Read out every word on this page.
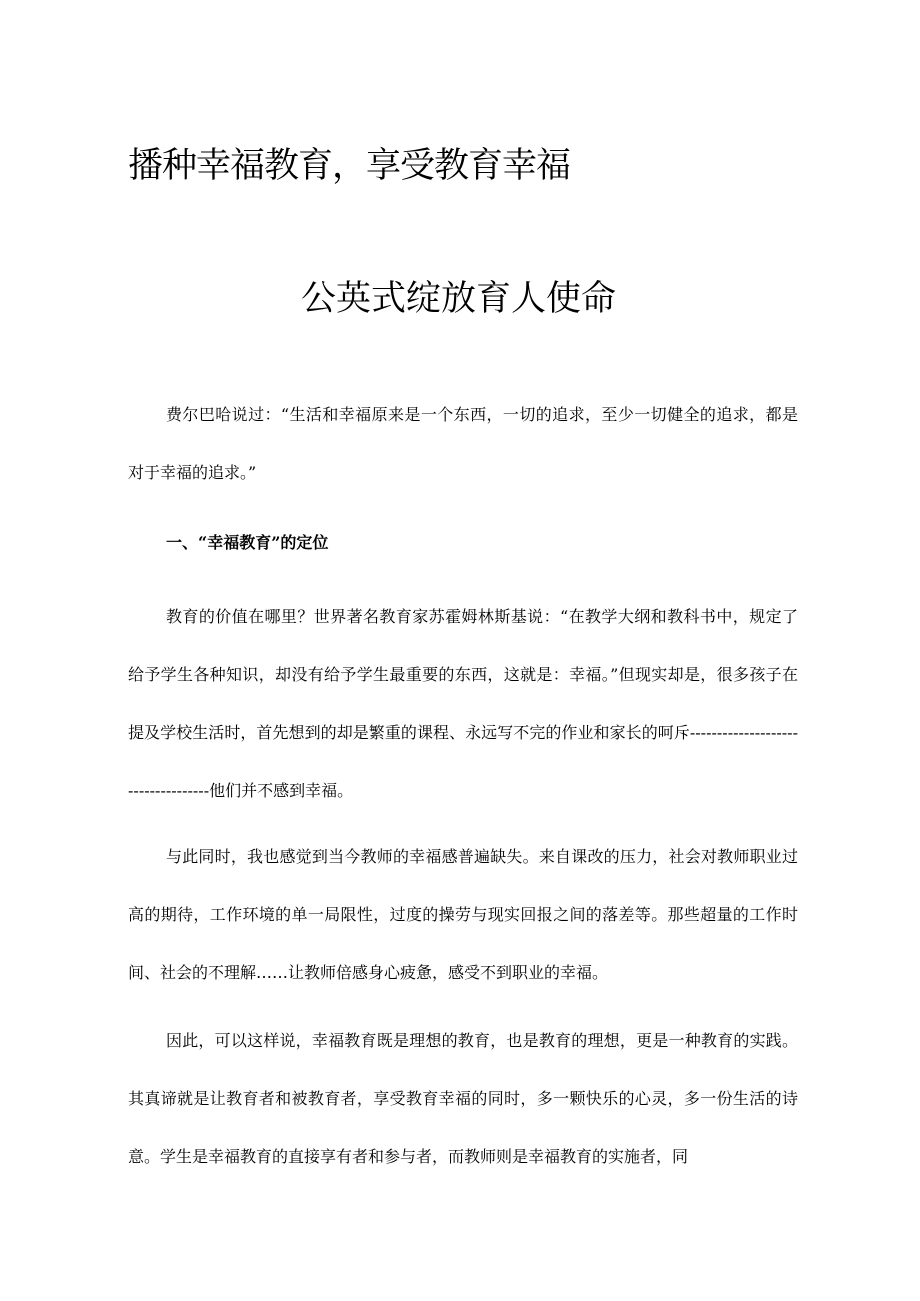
播种幸福教育，享受教育幸福
公英式绽放育人使命

费尔巴哈说过：“生活和幸福原来是一个东西，一切的追求，至少一切健全的追求，都是对于幸福的追求。”

一、“幸福教育”的定位

教育的价值在哪里？世界著名教育家苏霍姆林斯基说：“在教学大纲和教科书中，规定了给予学生各种知识，却没有给予学生最重要的东西，这就是：幸福。”但现实却是，很多孩子在提及学校生活时，首先想到的却是繁重的课程、永远写不完的作业和家长的呵斥-----------------------------------他们并不感到幸福。

与此同时，我也感觉到当今教师的幸福感普遍缺失。来自课改的压力，社会对教师职业过高的期待，工作环境的单一局限性，过度的操劳与现实回报之间的落差等。那些超量的工作时间、社会的不理解……让教师倍感身心疲惫，感受不到职业的幸福。

因此，可以这样说，幸福教育既是理想的教育，也是教育的理想，更是一种教育的实践。其真谛就是让教育者和被教育者，享受教育幸福的同时，多一颗快乐的心灵，多一份生活的诗意。学生是幸福教育的直接享有者和参与者，而教师则是幸福教育的实施者，同
